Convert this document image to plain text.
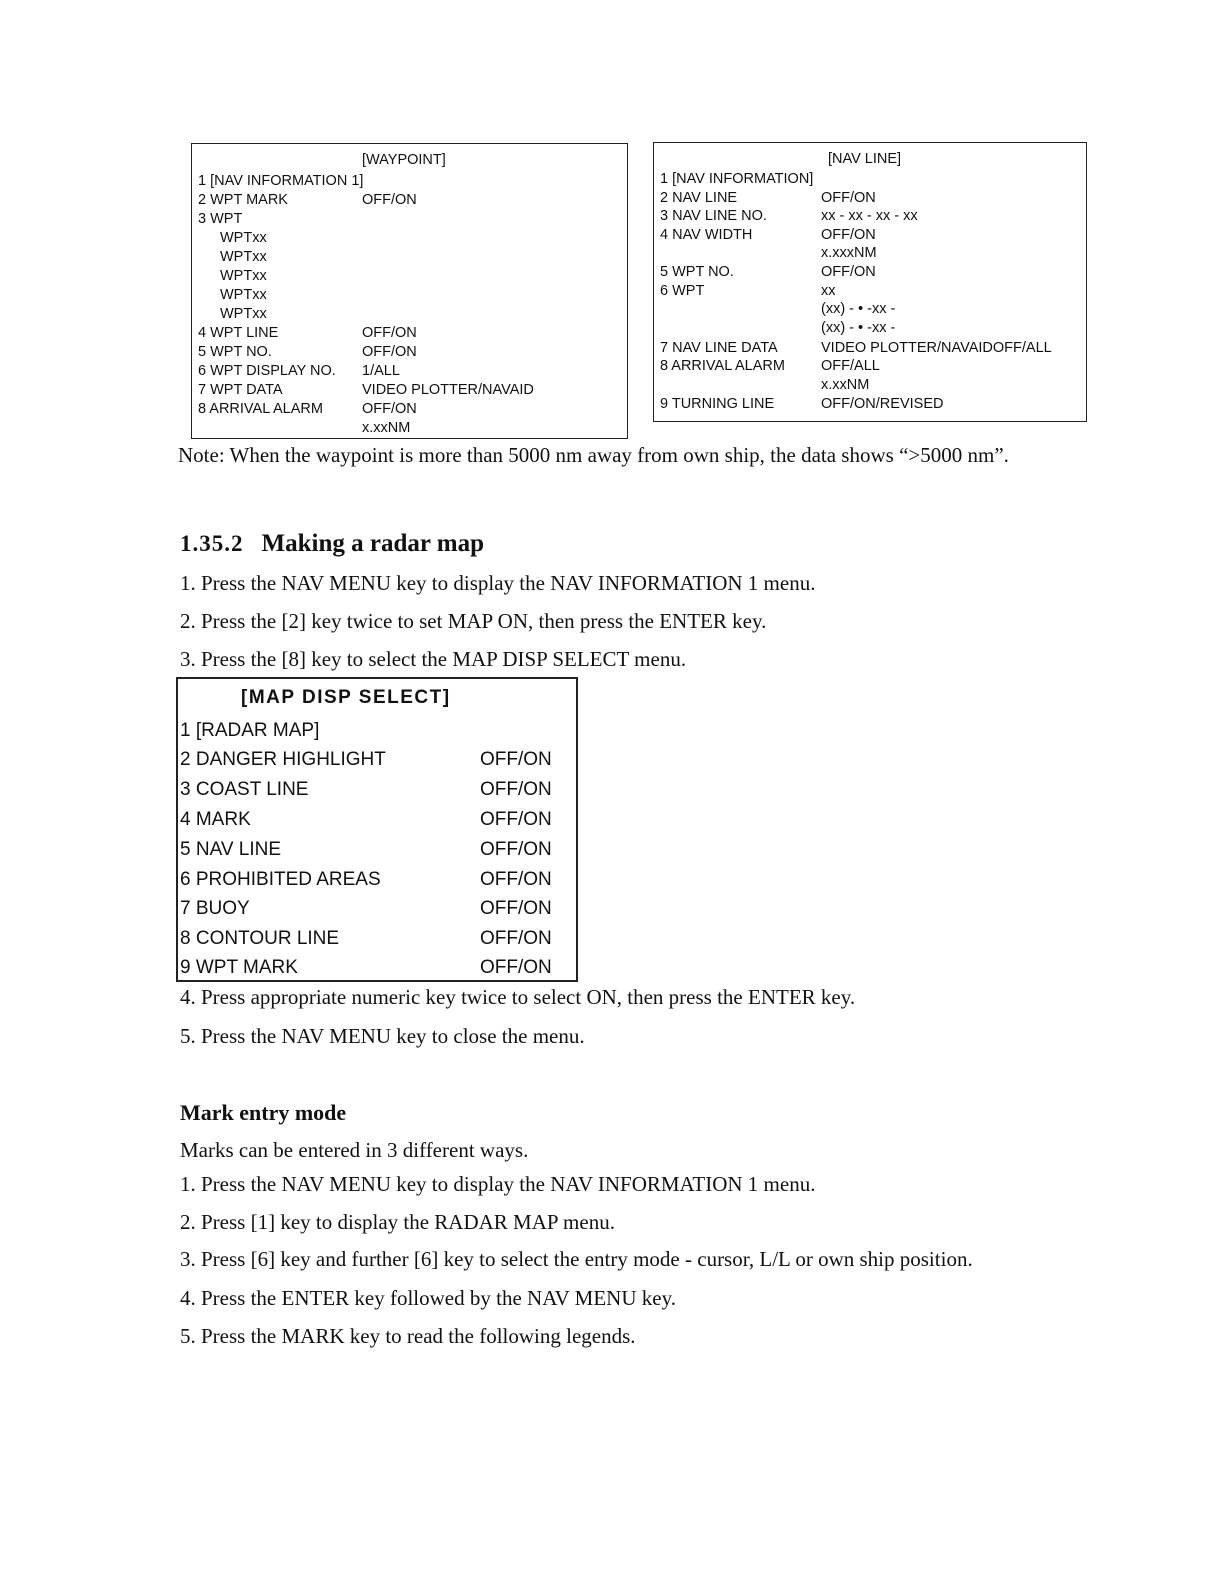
[WAYPOINT]
1 [NAV INFORMATION 1]
2 WPT MARK	OFF/ON
3 WPT
WPTxx
WPTxx
WPTxx
WPTxx
WPTxx
4 WPT LINE	OFF/ON
5 WPT NO.	OFF/ON
6 WPT DISPLAY NO. 1/ALL
7 WPT DATA	VIDEO PLOTTER/NAVAID
8 ARRIVAL ALARM	OFF/ON
x.xxNM
[NAV LINE]
1 [NAV INFORMATION]
2 NAV LINE	OFF/ON
3 NAV LINE NO.	xx - xx - xx - xx
4 NAV WIDTH	OFF/ON
x.xxxNM
5 WPT NO.	OFF/ON
6 WPT	xx
(xx) - • -xx -
(xx) - • -xx -
7 NAV LINE DATA	VIDEO PLOTTER/NAVAIDOFF/ALL
8 ARRIVAL ALARM OFF/ALL
x.xxNM
9 TURNING LINE	OFF/ON/REVISED
Note: When the waypoint is more than 5000 nm away from own ship, the data shows “>5000 nm”.
1.35.2 Making a radar map
1. Press the NAV MENU key to display the NAV INFORMATION 1 menu.
2. Press the [2] key twice to set MAP ON, then press the ENTER key.
3. Press the [8] key to select the MAP DISP SELECT menu.
[MAP DISP SELECT]
1 [RADAR MAP]
2 DANGER HIGHLIGHT	OFF/ON
3 COAST LINE	OFF/ON
4 MARK	OFF/ON
5 NAV LINE	OFF/ON
6 PROHIBITED AREAS	OFF/ON
7 BUOY	OFF/ON
8 CONTOUR LINE	OFF/ON
9 WPT MARK	OFF/ON
4. Press appropriate numeric key twice to select ON, then press the ENTER key.
5. Press the NAV MENU key to close the menu.
Mark entry mode
Marks can be entered in 3 different ways.
1. Press the NAV MENU key to display the NAV INFORMATION 1 menu.
2. Press [1] key to display the RADAR MAP menu.
3. Press [6] key and further [6] key to select the entry mode - cursor, L/L or own ship position.
4. Press the ENTER key followed by the NAV MENU key.
5. Press the MARK key to read the following legends.
